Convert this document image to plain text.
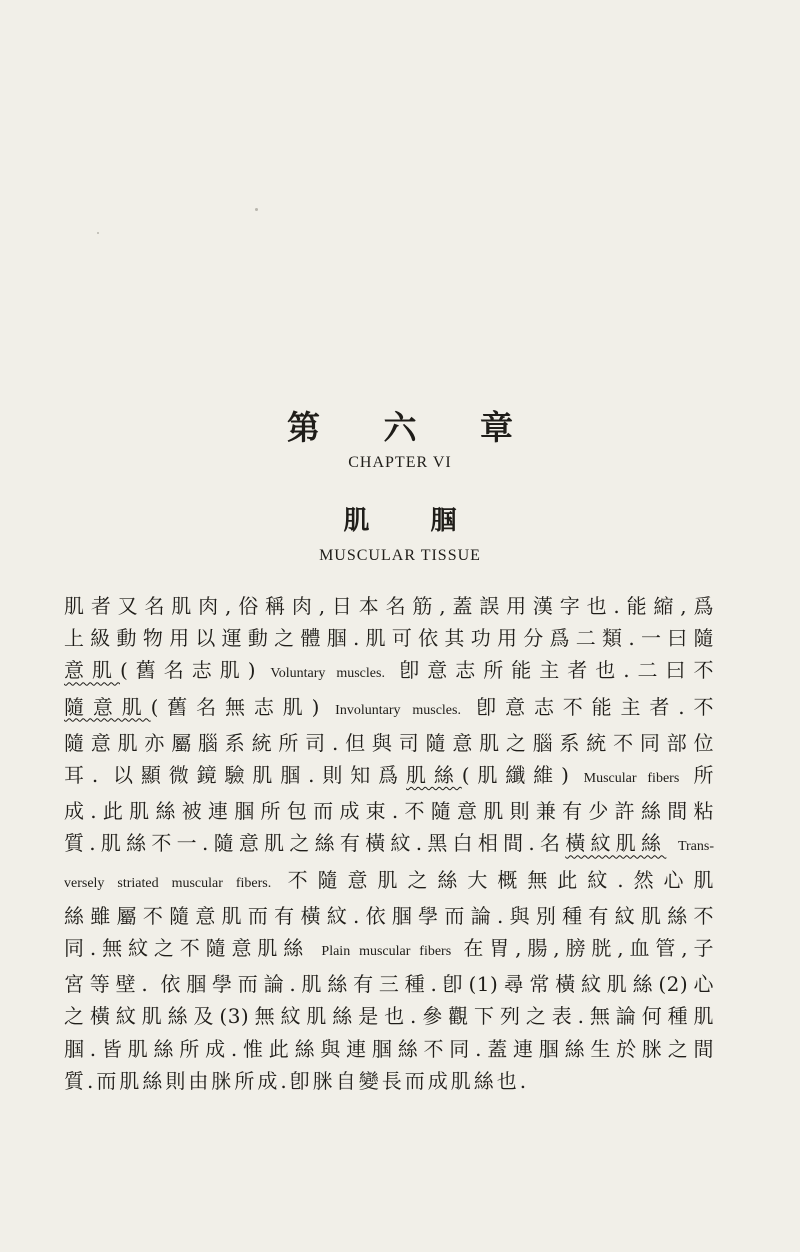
第 六 章

CHAPTER VI

肌 腘

MUSCULAR TISSUE

肌者又名肌肉,俗稱肉,日本名筋,蓋誤用漢字也.能縮,爲
上級動物用以運動之體腘.肌可依其功用分爲二類.一曰隨
意肌(舊名志肌) Voluntary muscles. 卽意志所能主者也.二曰不
隨意肌(舊名無志肌) Involuntary muscles. 卽意志不能主者.不
隨意肌亦屬腦系統所司.但與司隨意肌之腦系統不同部位
耳. 以顯微鏡驗肌腘.則知爲肌絲(肌纖維) Muscular fibers 所
成.此肌絲被連腘所包而成束.不隨意肌則兼有少許絲間粘
質.肌絲不一.隨意肌之絲有橫紋.黑白相間.名橫紋肌絲 Trans-
versely striated muscular fibers. 不隨意肌之絲大概無此紋.然心肌
絲雖屬不隨意肌而有橫紋.依腘學而論.與別種有紋肌絲不
同.無紋之不隨意肌絲 Plain muscular fibers 在胃,腸,膀胱,血管,子
宮等壁. 依腘學而論.肌絲有三種.卽(1)尋常橫紋肌絲(2)心
之橫紋肌絲及(3)無紋肌絲是也.參觀下列之表.無論何種肌
腘.皆肌絲所成.惟此絲與連腘絲不同.蓋連腘絲生於脒之間
質.而肌絲則由脒所成.卽脒自變長而成肌絲也.
